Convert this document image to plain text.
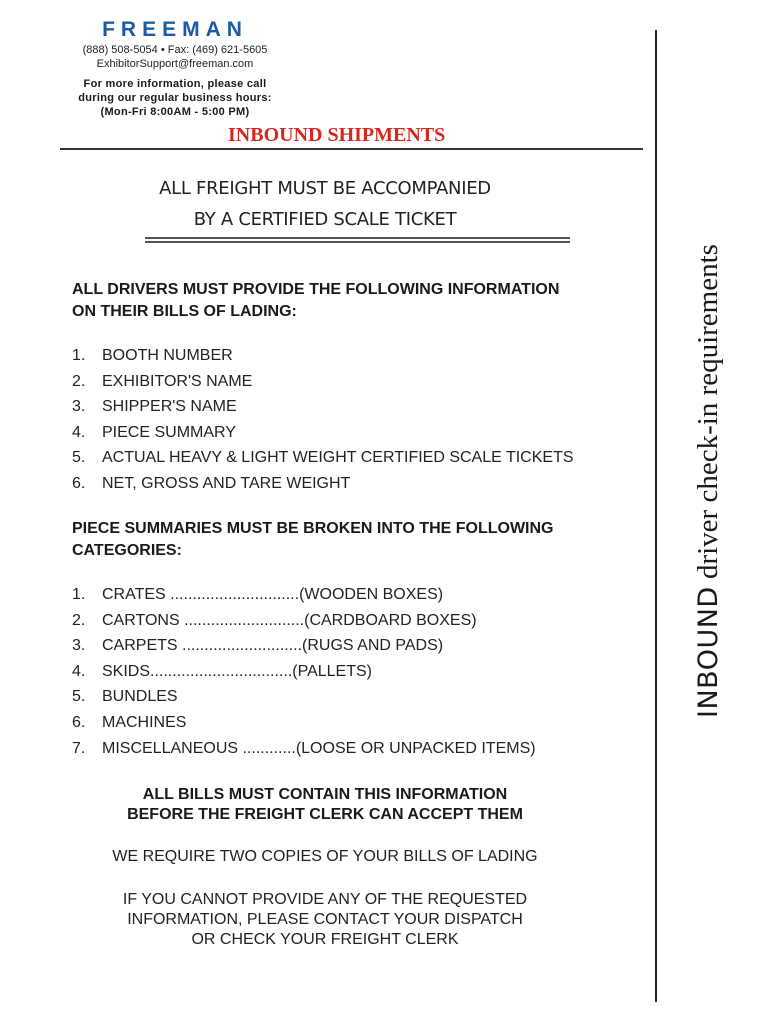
FREEMAN
(888) 508-5054 • Fax: (469) 621-5605
ExhibitorSupport@freeman.com
For more information, please call
during our regular business hours:
(Mon-Fri 8:00AM - 5:00 PM)
INBOUND SHIPMENTS
ALL FREIGHT MUST BE ACCOMPANIED
BY A CERTIFIED SCALE TICKET
ALL DRIVERS MUST PROVIDE THE FOLLOWING INFORMATION
ON THEIR BILLS OF LADING:
1. BOOTH NUMBER
2. EXHIBITOR'S NAME
3. SHIPPER'S NAME
4. PIECE SUMMARY
5. ACTUAL HEAVY & LIGHT WEIGHT CERTIFIED SCALE TICKETS
6. NET, GROSS AND TARE WEIGHT
PIECE SUMMARIES MUST BE BROKEN INTO THE FOLLOWING
CATEGORIES:
1. CRATES .............................(WOODEN BOXES)
2. CARTONS ...........................(CARDBOARD BOXES)
3. CARPETS ...........................(RUGS AND PADS)
4. SKIDS................................(PALLETS)
5. BUNDLES
6. MACHINES
7. MISCELLANEOUS ............(LOOSE OR UNPACKED ITEMS)
ALL BILLS MUST CONTAIN THIS INFORMATION
BEFORE THE FREIGHT CLERK CAN ACCEPT THEM
WE REQUIRE TWO COPIES OF YOUR BILLS OF LADING
IF YOU CANNOT PROVIDE ANY OF THE REQUESTED
INFORMATION, PLEASE CONTACT YOUR DISPATCH
OR CHECK YOUR FREIGHT CLERK
INBOUND driver check-in requirements
